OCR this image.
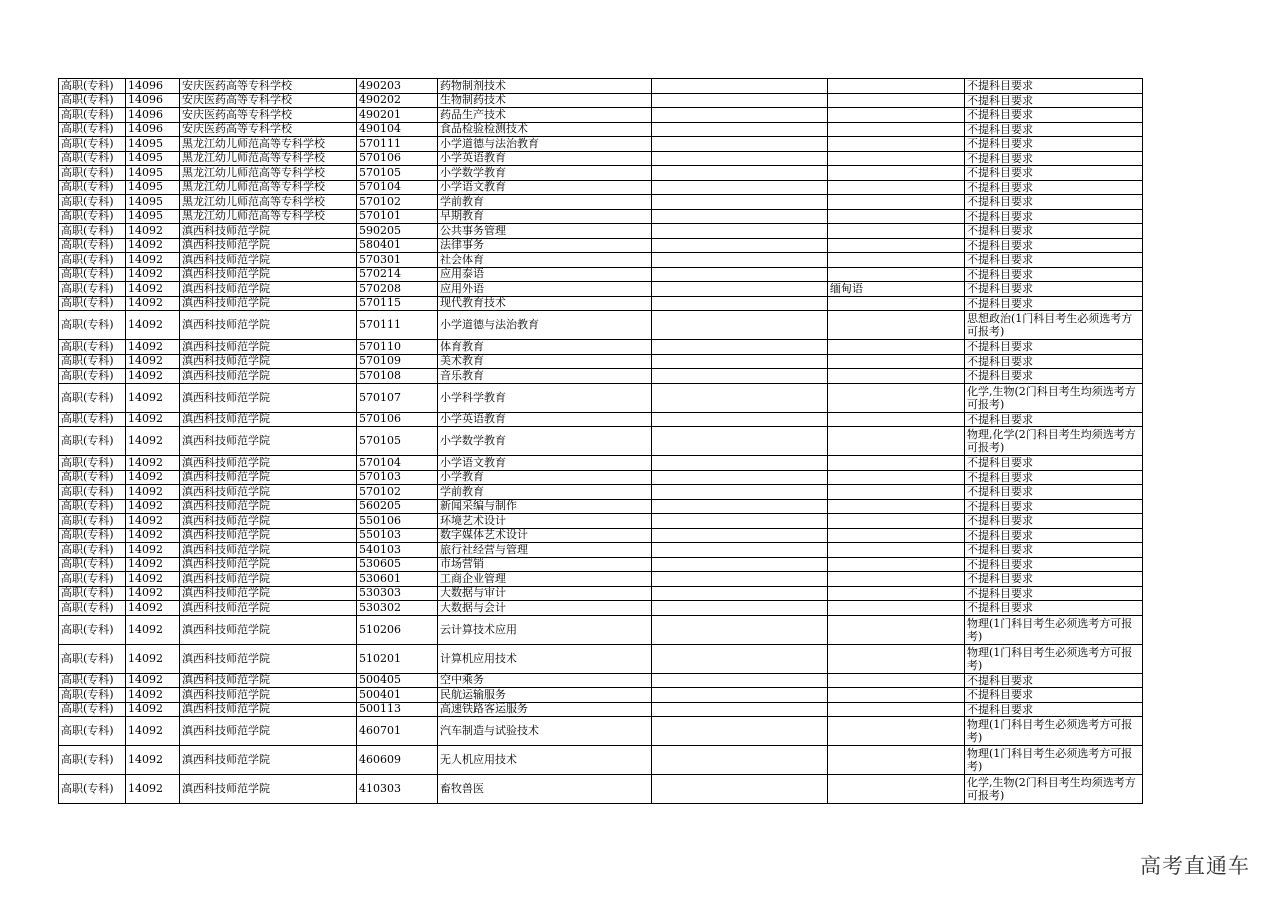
高职(专科)	14096	安庆医药高等专科学校	490203	药物制剂技术			不提科目要求
高职(专科)	14096	安庆医药高等专科学校	490202	生物制药技术			不提科目要求
高职(专科)	14096	安庆医药高等专科学校	490201	药品生产技术			不提科目要求
高职(专科)	14096	安庆医药高等专科学校	490104	食品检验检测技术			不提科目要求
高职(专科)	14095	黑龙江幼儿师范高等专科学校	570111	小学道德与法治教育			不提科目要求
高职(专科)	14095	黑龙江幼儿师范高等专科学校	570106	小学英语教育			不提科目要求
高职(专科)	14095	黑龙江幼儿师范高等专科学校	570105	小学数学教育			不提科目要求
高职(专科)	14095	黑龙江幼儿师范高等专科学校	570104	小学语文教育			不提科目要求
高职(专科)	14095	黑龙江幼儿师范高等专科学校	570102	学前教育			不提科目要求
高职(专科)	14095	黑龙江幼儿师范高等专科学校	570101	早期教育			不提科目要求
高职(专科)	14092	滇西科技师范学院	590205	公共事务管理			不提科目要求
高职(专科)	14092	滇西科技师范学院	580401	法律事务			不提科目要求
高职(专科)	14092	滇西科技师范学院	570301	社会体育			不提科目要求
高职(专科)	14092	滇西科技师范学院	570214	应用泰语			不提科目要求
高职(专科)	14092	滇西科技师范学院	570208	应用外语		缅甸语	不提科目要求
高职(专科)	14092	滇西科技师范学院	570115	现代教育技术			不提科目要求
高职(专科)	14092	滇西科技师范学院	570111	小学道德与法治教育			思想政治(1门科目考生必须选考方可报考)
高职(专科)	14092	滇西科技师范学院	570110	体育教育			不提科目要求
高职(专科)	14092	滇西科技师范学院	570109	美术教育			不提科目要求
高职(专科)	14092	滇西科技师范学院	570108	音乐教育			不提科目要求
高职(专科)	14092	滇西科技师范学院	570107	小学科学教育			化学,生物(2门科目考生均须选考方可报考)
高职(专科)	14092	滇西科技师范学院	570106	小学英语教育			不提科目要求
高职(专科)	14092	滇西科技师范学院	570105	小学数学教育			物理,化学(2门科目考生均须选考方可报考)
高职(专科)	14092	滇西科技师范学院	570104	小学语文教育			不提科目要求
高职(专科)	14092	滇西科技师范学院	570103	小学教育			不提科目要求
高职(专科)	14092	滇西科技师范学院	570102	学前教育			不提科目要求
高职(专科)	14092	滇西科技师范学院	560205	新闻采编与制作			不提科目要求
高职(专科)	14092	滇西科技师范学院	550106	环境艺术设计			不提科目要求
高职(专科)	14092	滇西科技师范学院	550103	数字媒体艺术设计			不提科目要求
高职(专科)	14092	滇西科技师范学院	540103	旅行社经营与管理			不提科目要求
高职(专科)	14092	滇西科技师范学院	530605	市场营销			不提科目要求
高职(专科)	14092	滇西科技师范学院	530601	工商企业管理			不提科目要求
高职(专科)	14092	滇西科技师范学院	530303	大数据与审计			不提科目要求
高职(专科)	14092	滇西科技师范学院	530302	大数据与会计			不提科目要求
高职(专科)	14092	滇西科技师范学院	510206	云计算技术应用			物理(1门科目考生必须选考方可报考)
高职(专科)	14092	滇西科技师范学院	510201	计算机应用技术			物理(1门科目考生必须选考方可报考)
高职(专科)	14092	滇西科技师范学院	500405	空中乘务			不提科目要求
高职(专科)	14092	滇西科技师范学院	500401	民航运输服务			不提科目要求
高职(专科)	14092	滇西科技师范学院	500113	高速铁路客运服务			不提科目要求
高职(专科)	14092	滇西科技师范学院	460701	汽车制造与试验技术			物理(1门科目考生必须选考方可报考)
高职(专科)	14092	滇西科技师范学院	460609	无人机应用技术			物理(1门科目考生必须选考方可报考)
高职(专科)	14092	滇西科技师范学院	410303	畜牧兽医			化学,生物(2门科目考生均须选考方可报考)
高考直通车
